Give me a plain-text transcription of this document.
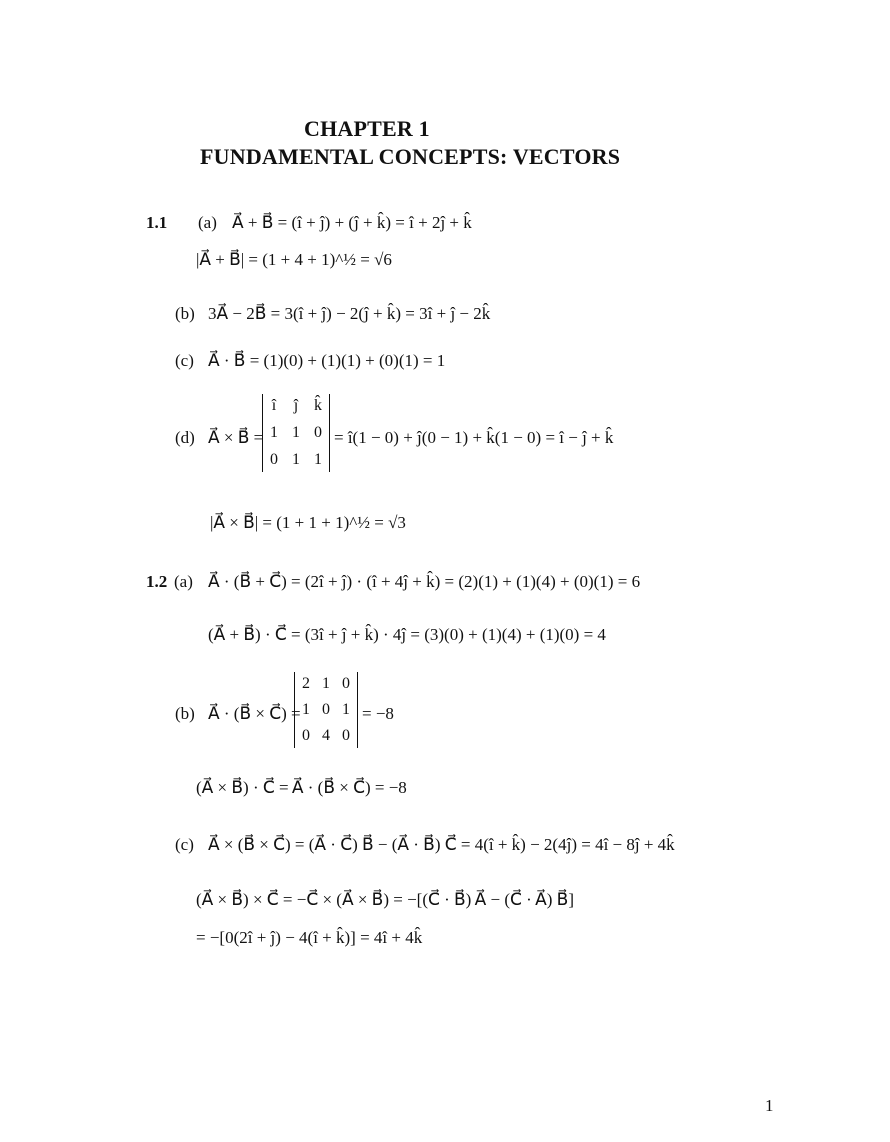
CHAPTER 1
FUNDAMENTAL CONCEPTS: VECTORS
1.1 (a) A⃗ + B⃗ = (î + ĵ) + (ĵ + k̂) = î + 2ĵ + k̂
|A⃗ + B⃗| = (1 + 4 + 1)^½ = √6
(b) 3A⃗ − 2B⃗ = 3(î + ĵ) − 2(ĵ + k̂) = 3î + ĵ − 2k̂
(c) A⃗ · B⃗ = (1)(0) + (1)(1) + (0)(1) = 1
(d) A⃗ × B⃗ =
î	ĵ k̂
1 1 0
0 1 1
= î(1 − 0) + ĵ(0 − 1) + k̂(1 − 0) = î − ĵ + k̂
|A⃗ × B⃗| = (1 + 1 + 1)^½ = √3
1.2 (a) A⃗ · (B⃗ + C⃗) = (2î + ĵ) · (î + 4ĵ + k̂) = (2)(1) + (1)(4) + (0)(1) = 6
(A⃗ + B⃗) · C⃗ = (3î + ĵ + k̂) · 4ĵ = (3)(0) + (1)(4) + (1)(0) = 4
(b) A⃗ · (B⃗ × C⃗) =
2 1 0
1 0 1
0 4 0
= −8
(A⃗ × B⃗) · C⃗ = A⃗ · (B⃗ × C⃗) = −8
(c) A⃗ × (B⃗ × C⃗) = (A⃗ · C⃗) B⃗ − (A⃗ · B⃗) C⃗ = 4(î + k̂) − 2(4ĵ) = 4î − 8ĵ + 4k̂
(A⃗ × B⃗) × C⃗ = −C⃗ × (A⃗ × B⃗) = −[(C⃗ · B⃗) A⃗ − (C⃗ · A⃗) B⃗]
= −[0(2î + ĵ) − 4(î + k̂)] = 4î + 4k̂
1
